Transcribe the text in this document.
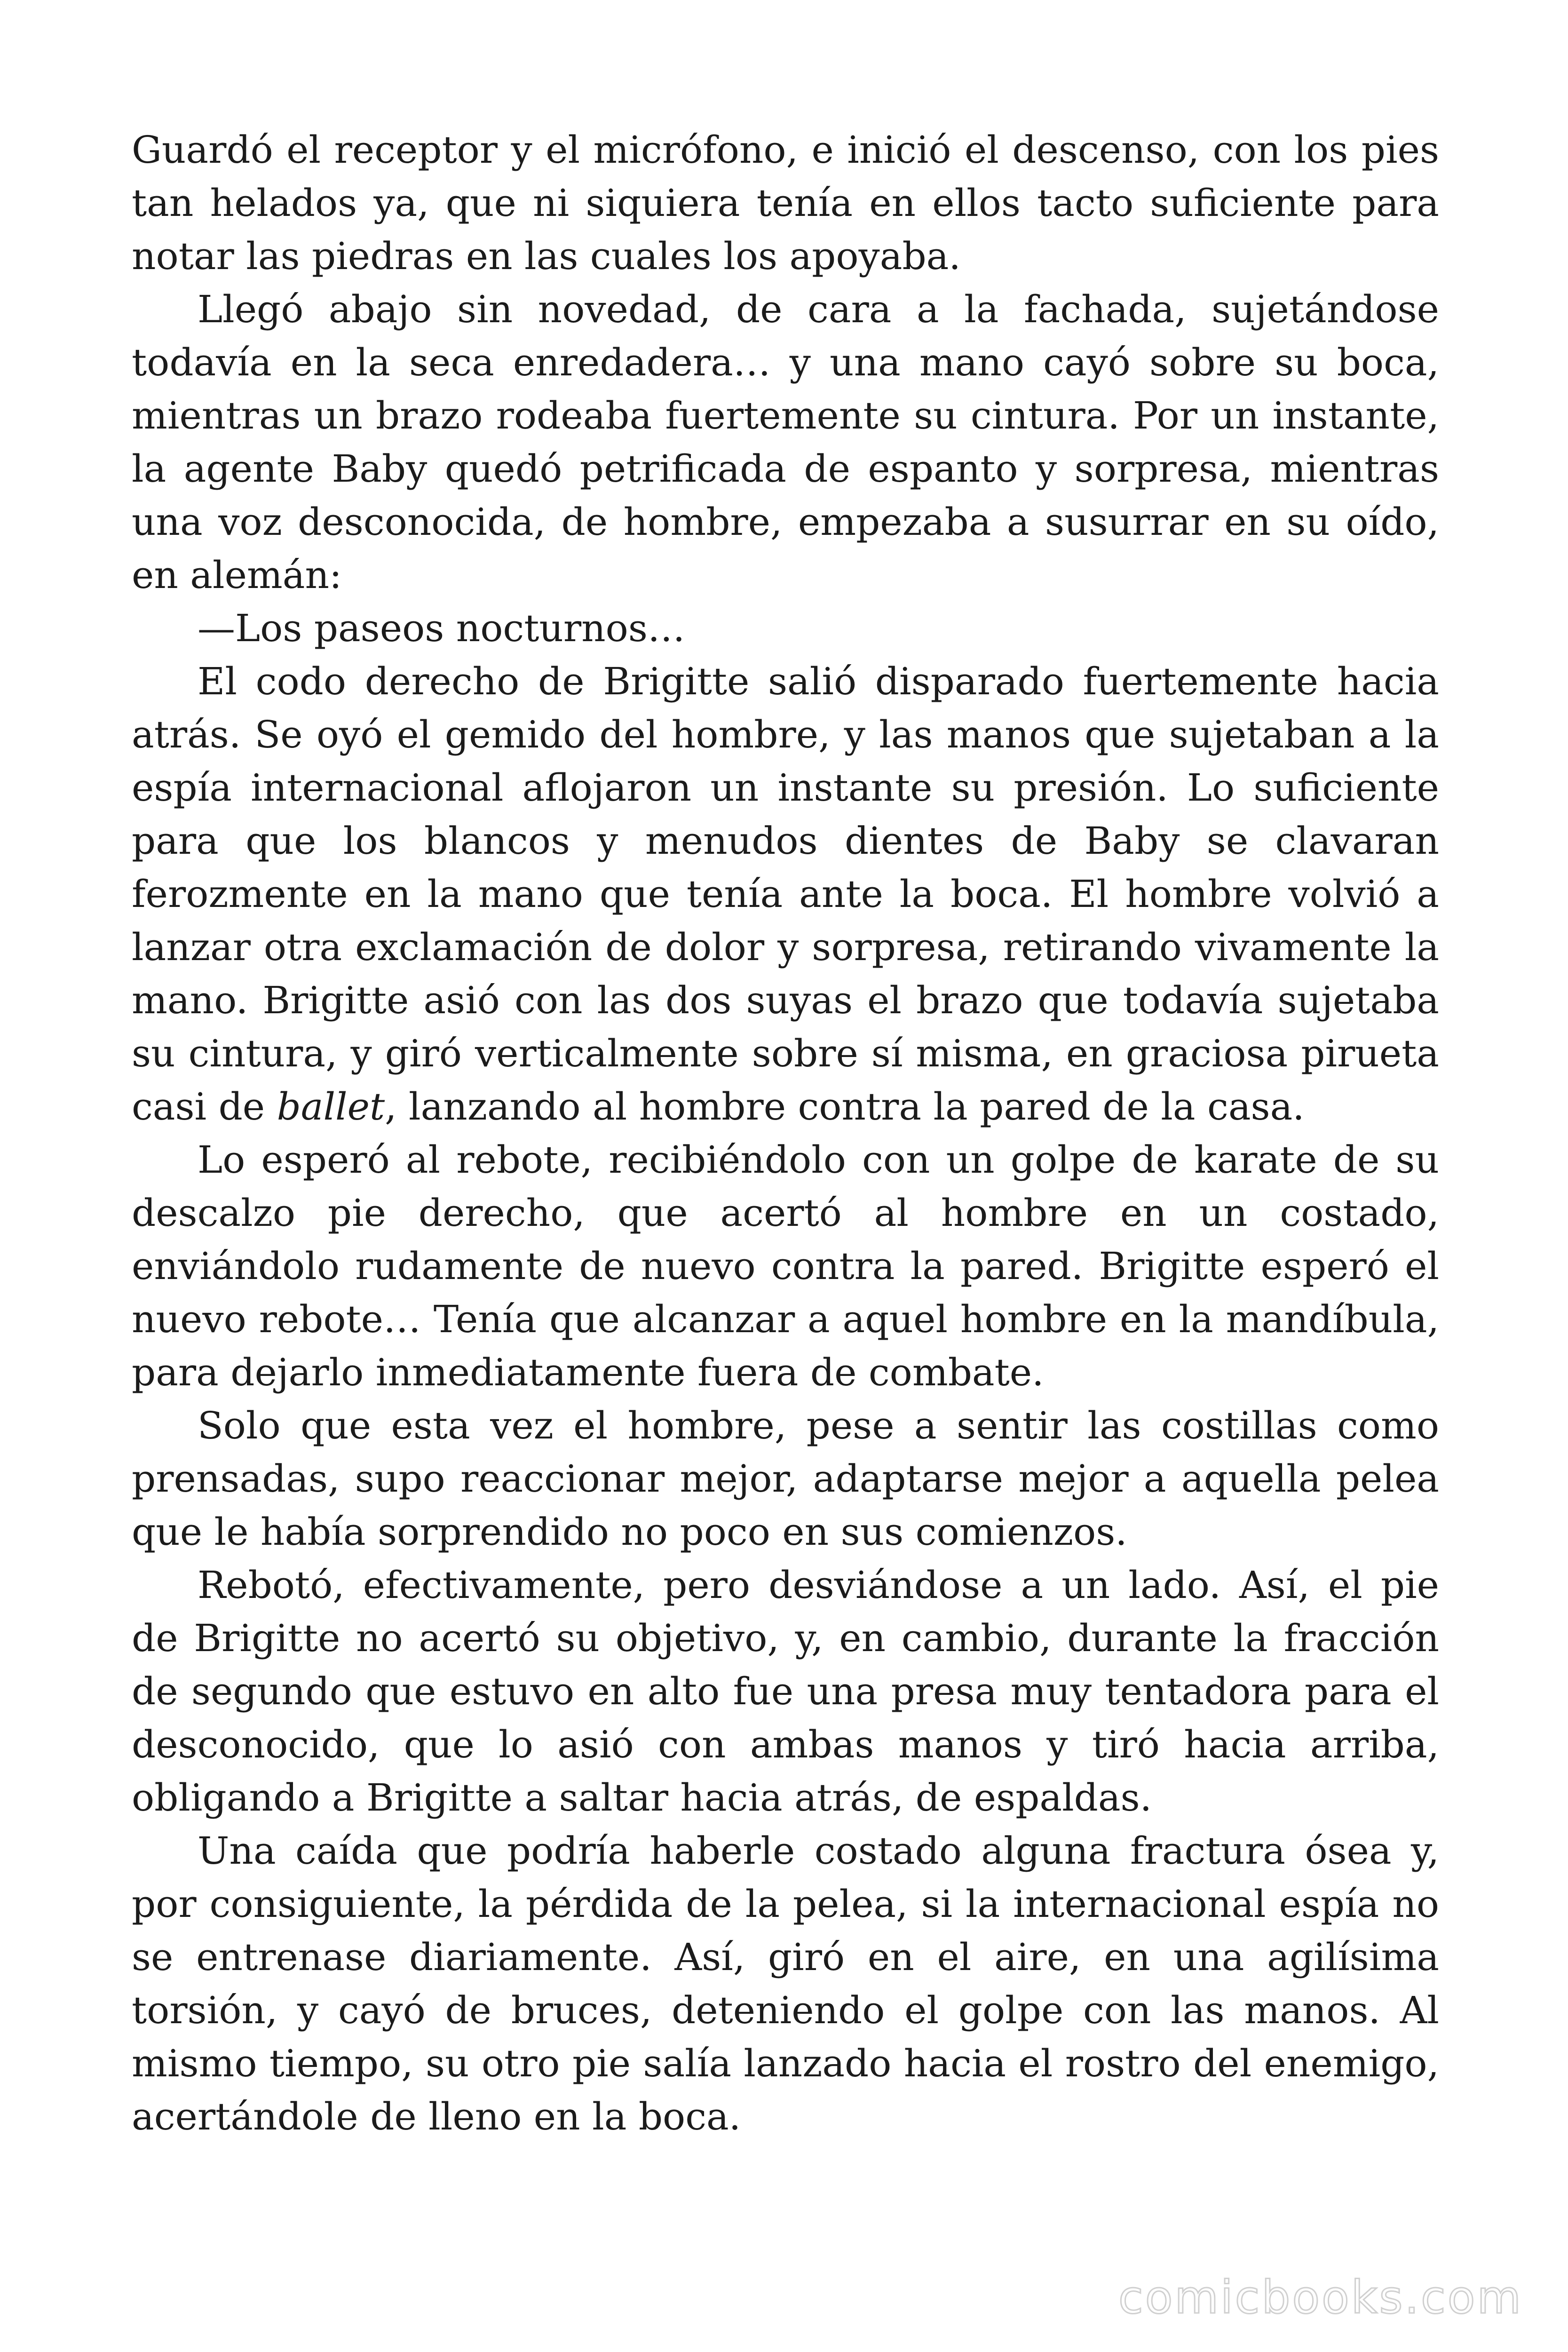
Guardó el receptor y el micrófono, e inició el descenso, con los pies tan helados ya, que ni siquiera tenía en ellos tacto suficiente para notar las piedras en las cuales los apoyaba.

Llegó abajo sin novedad, de cara a la fachada, sujetándose todavía en la seca enredadera… y una mano cayó sobre su boca, mientras un brazo rodeaba fuertemente su cintura. Por un instante, la agente Baby quedó petrificada de espanto y sorpresa, mientras una voz desconocida, de hombre, empezaba a susurrar en su oído, en alemán:

—Los paseos nocturnos…

El codo derecho de Brigitte salió disparado fuertemente hacia atrás. Se oyó el gemido del hombre, y las manos que sujetaban a la espía internacional aflojaron un instante su presión. Lo suficiente para que los blancos y menudos dientes de Baby se clavaran ferozmente en la mano que tenía ante la boca. El hombre volvió a lanzar otra exclamación de dolor y sorpresa, retirando vivamente la mano. Brigitte asió con las dos suyas el brazo que todavía sujetaba su cintura, y giró verticalmente sobre sí misma, en graciosa pirueta casi de ballet, lanzando al hombre contra la pared de la casa.

Lo esperó al rebote, recibiéndolo con un golpe de karate de su descalzo pie derecho, que acertó al hombre en un costado, enviándolo rudamente de nuevo contra la pared. Brigitte esperó el nuevo rebote… Tenía que alcanzar a aquel hombre en la mandíbula, para dejarlo inmediatamente fuera de combate.

Solo que esta vez el hombre, pese a sentir las costillas como prensadas, supo reaccionar mejor, adaptarse mejor a aquella pelea que le había sorprendido no poco en sus comienzos.

Rebotó, efectivamente, pero desviándose a un lado. Así, el pie de Brigitte no acertó su objetivo, y, en cambio, durante la fracción de segundo que estuvo en alto fue una presa muy tentadora para el desconocido, que lo asió con ambas manos y tiró hacia arriba, obligando a Brigitte a saltar hacia atrás, de espaldas.

Una caída que podría haberle costado alguna fractura ósea y, por consiguiente, la pérdida de la pelea, si la internacional espía no se entrenase diariamente. Así, giró en el aire, en una agilísima torsión, y cayó de bruces, deteniendo el golpe con las manos. Al mismo tiempo, su otro pie salía lanzado hacia el rostro del enemigo, acertándole de lleno en la boca.

comicbooks.com
